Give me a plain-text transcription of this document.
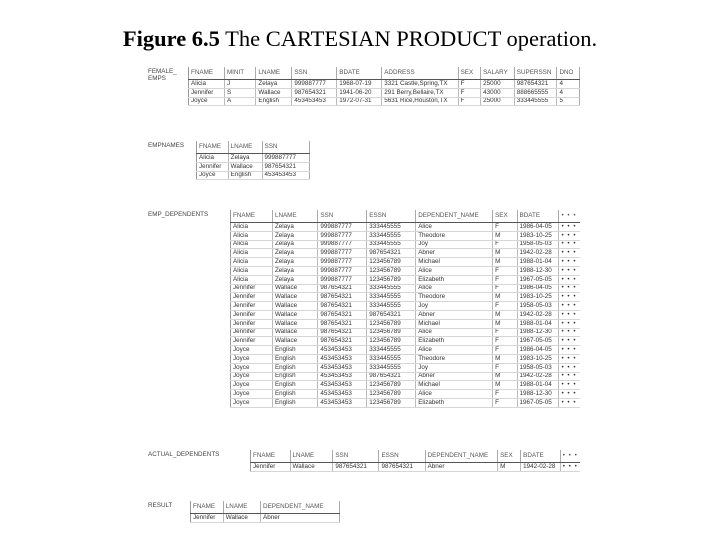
Figure 6.5 The CARTESIAN PRODUCT operation.
FEMALE_
EMPS
FNAME	MINIT	LNAME	SSN	BDATE	ADDRESS	SEX	SALARY	SUPERSSN	DNO
Alicia	J	Zelaya	999887777	1968-07-19	3321 Castle,Spring,TX	F	25000	987654321	4
Jennifer	S	Wallace	987654321	1941-06-20	291 Berry,Bellaire,TX	F	43000	888665555	4
Joyce	A	English	453453453	1972-07-31	5631 Rice,Houston,TX	F	25000	333445555	5
EMPNAMES FNAME	LNAME	SSN
Alicia	Zelaya	999887777
Jennifer	Wallace	987654321
Joyce	English	453453453
EMP_DEPENDENTS	FNAME	LNAME	SSN	ESSN	DEPENDENT_NAME	SEX	BDATE	• • •
Alicia	Zelaya	999887777	333445555	Alice	F	1986-04-05	• • •
Alicia	Zelaya	999887777	333445555	Theodore	M	1983-10-25	• • •
Alicia	Zelaya	999887777	333445555	Joy	F	1958-05-03	• • •
Alicia	Zelaya	999887777	987654321	Abner	M	1942-02-28	• • •
Alicia	Zelaya	999887777	123456789	Michael	M	1988-01-04	• • •
Alicia	Zelaya	999887777	123456789	Alice	F	1988-12-30	• • •
Alicia	Zelaya	999887777	123456789	Elizabeth	F	1967-05-05	• • •
Jennifer	Wallace	987654321	333445555	Alice	F	1986-04-05	• • •
Jennifer	Wallace	987654321	333445555	Theodore	M	1983-10-25	• • •
Jennifer	Wallace	987654321	333445555	Joy	F	1958-05-03	• • •
Jennifer	Wallace	987654321	987654321	Abner	M	1942-02-28	• • •
Jennifer	Wallace	987654321	123456789	Michael	M	1988-01-04	• • •
Jennifer	Wallace	987654321	123456789	Alice	F	1988-12-30	• • •
Jennifer	Wallace	987654321	123456789	Elizabeth	F	1967-05-05	• • •
Joyce	English	453453453	333445555	Alice	F	1986-04-05	• • •
Joyce	English	453453453	333445555	Theodore	M	1983-10-25	• • •
Joyce	English	453453453	333445555	Joy	F	1958-05-03	• • •
Joyce	English	453453453	987654321	Abner	M	1942-02-28	• • •
Joyce	English	453453453	123456789	Michael	M	1988-01-04	• • •
Joyce	English	453453453	123456789	Alice	F	1988-12-30	• • •
Joyce	English	453453453	123456789	Elizabeth	F	1967-05-05	• • •
ACTUAL_DEPENDENTS	FNAME	LNAME	SSN	ESSN	DEPENDENT_NAME	SEX	BDATE	• • •
Jennifer	Wallace	987654321	987654321	Abner	M	1942-02-28	• • •
RESULT	FNAME	LNAME	DEPENDENT_NAME
Jennifer	Wallace	Abner
